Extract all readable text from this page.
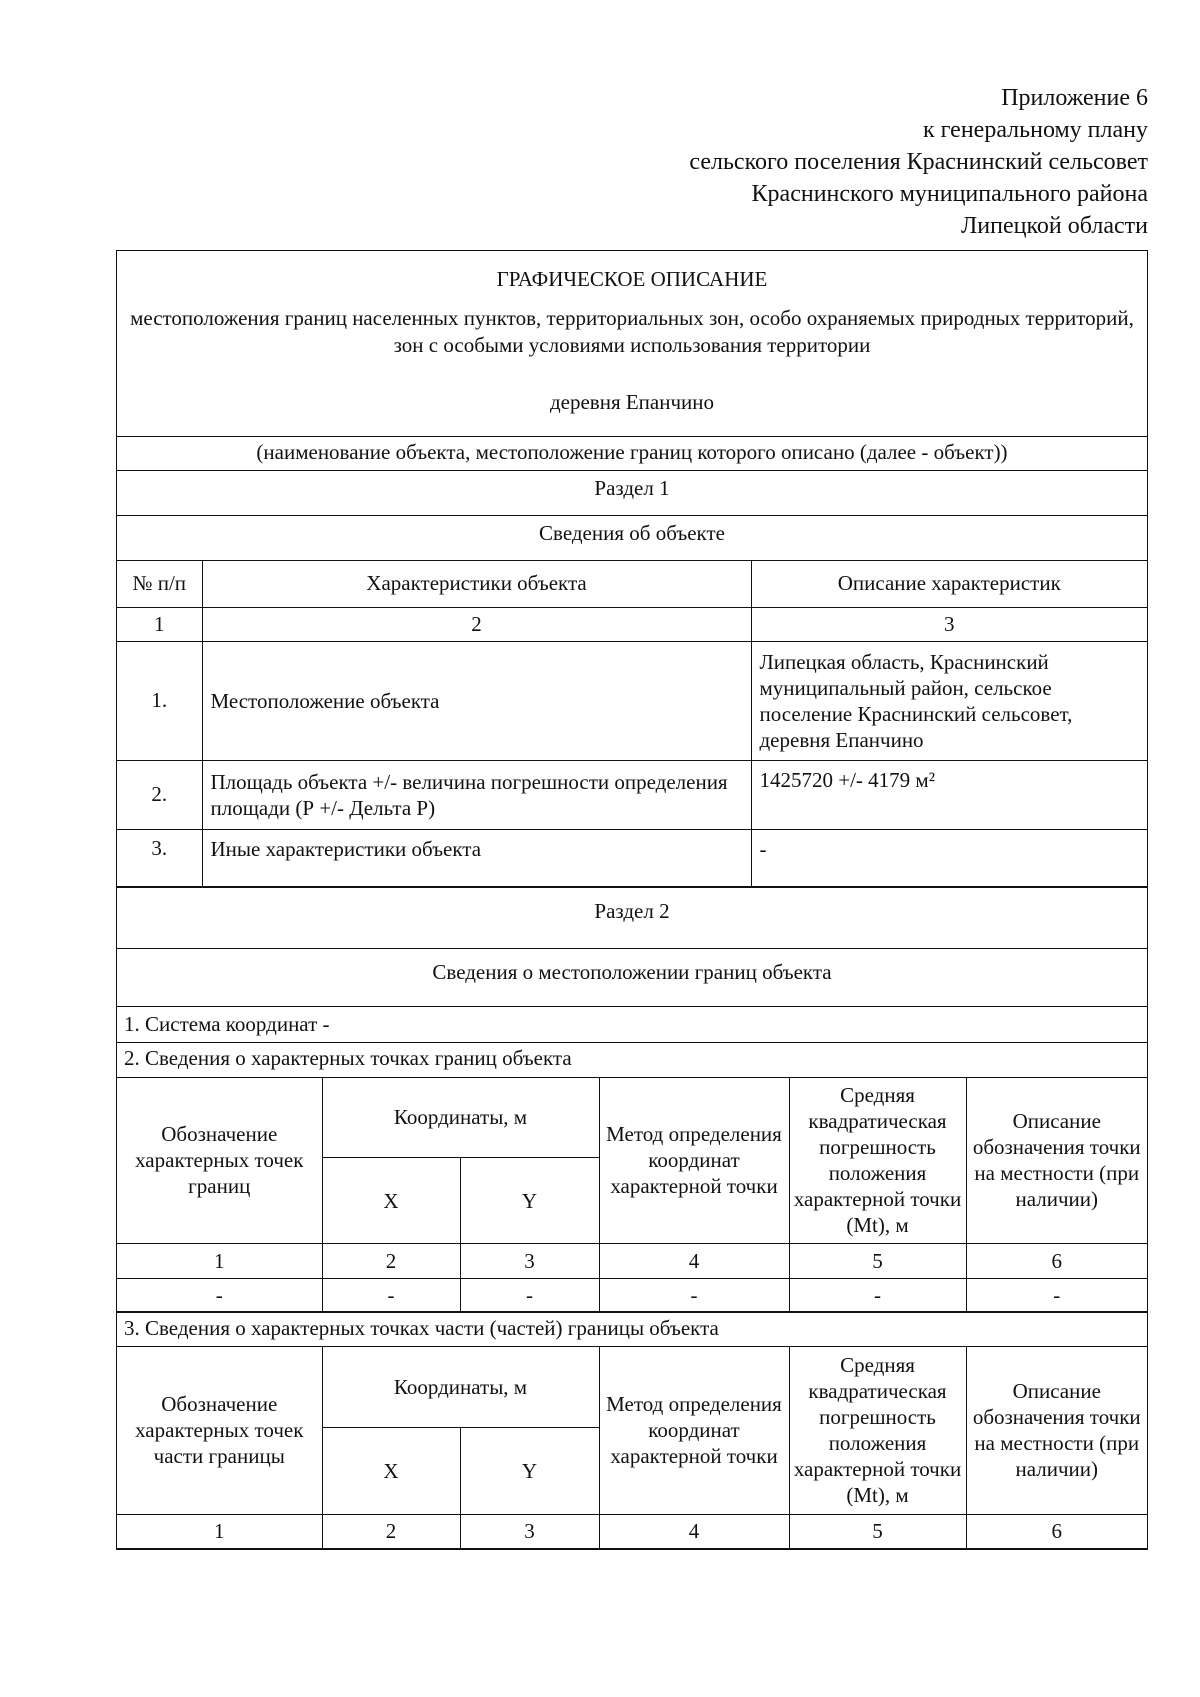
Приложение 6
к генеральному плану
сельского поселения Краснинский сельсовет
Краснинского муниципального района
Липецкой области
ГРАФИЧЕСКОЕ ОПИСАНИЕ
местоположения границ населенных пунктов, территориальных зон, особо охраняемых природных территорий, зон с особыми условиями использования территории
деревня Епанчино
(наименование объекта, местоположение границ которого описано (далее - объект))
Раздел 1
Сведения об объекте
№ п/п	Характеристики объекта	Описание характеристик
1	2	3
1.	Местоположение объекта	Липецкая область, Краснинский муниципальный район, сельское поселение Краснинский сельсовет, деревня Епанчино
2.	Площадь объекта +/- величина погрешности определения площади (Р +/- Дельта Р)	1425720 +/- 4179 м²
3.	Иные характеристики объекта	-
Раздел 2
Сведения о местоположении границ объекта
1. Система координат -
2. Сведения о характерных точках границ объекта
Обозначение характерных точек границ	Координаты, м		Метод определения координат характерной точки	Средняя квадратическая погрешность положения характерной точки (Mt), м	Описание обозначения точки на местности (при наличии)
	X	Y			
1	2	3	4	5	6
-	-	-	-	-	-
3. Сведения о характерных точках части (частей) границы объекта
Обозначение характерных точек части границы	Координаты, м		Метод определения координат характерной точки	Средняя квадратическая погрешность положения характерной точки (Mt), м	Описание обозначения точки на местности (при наличии)
	X	Y			
1	2	3	4	5	6
